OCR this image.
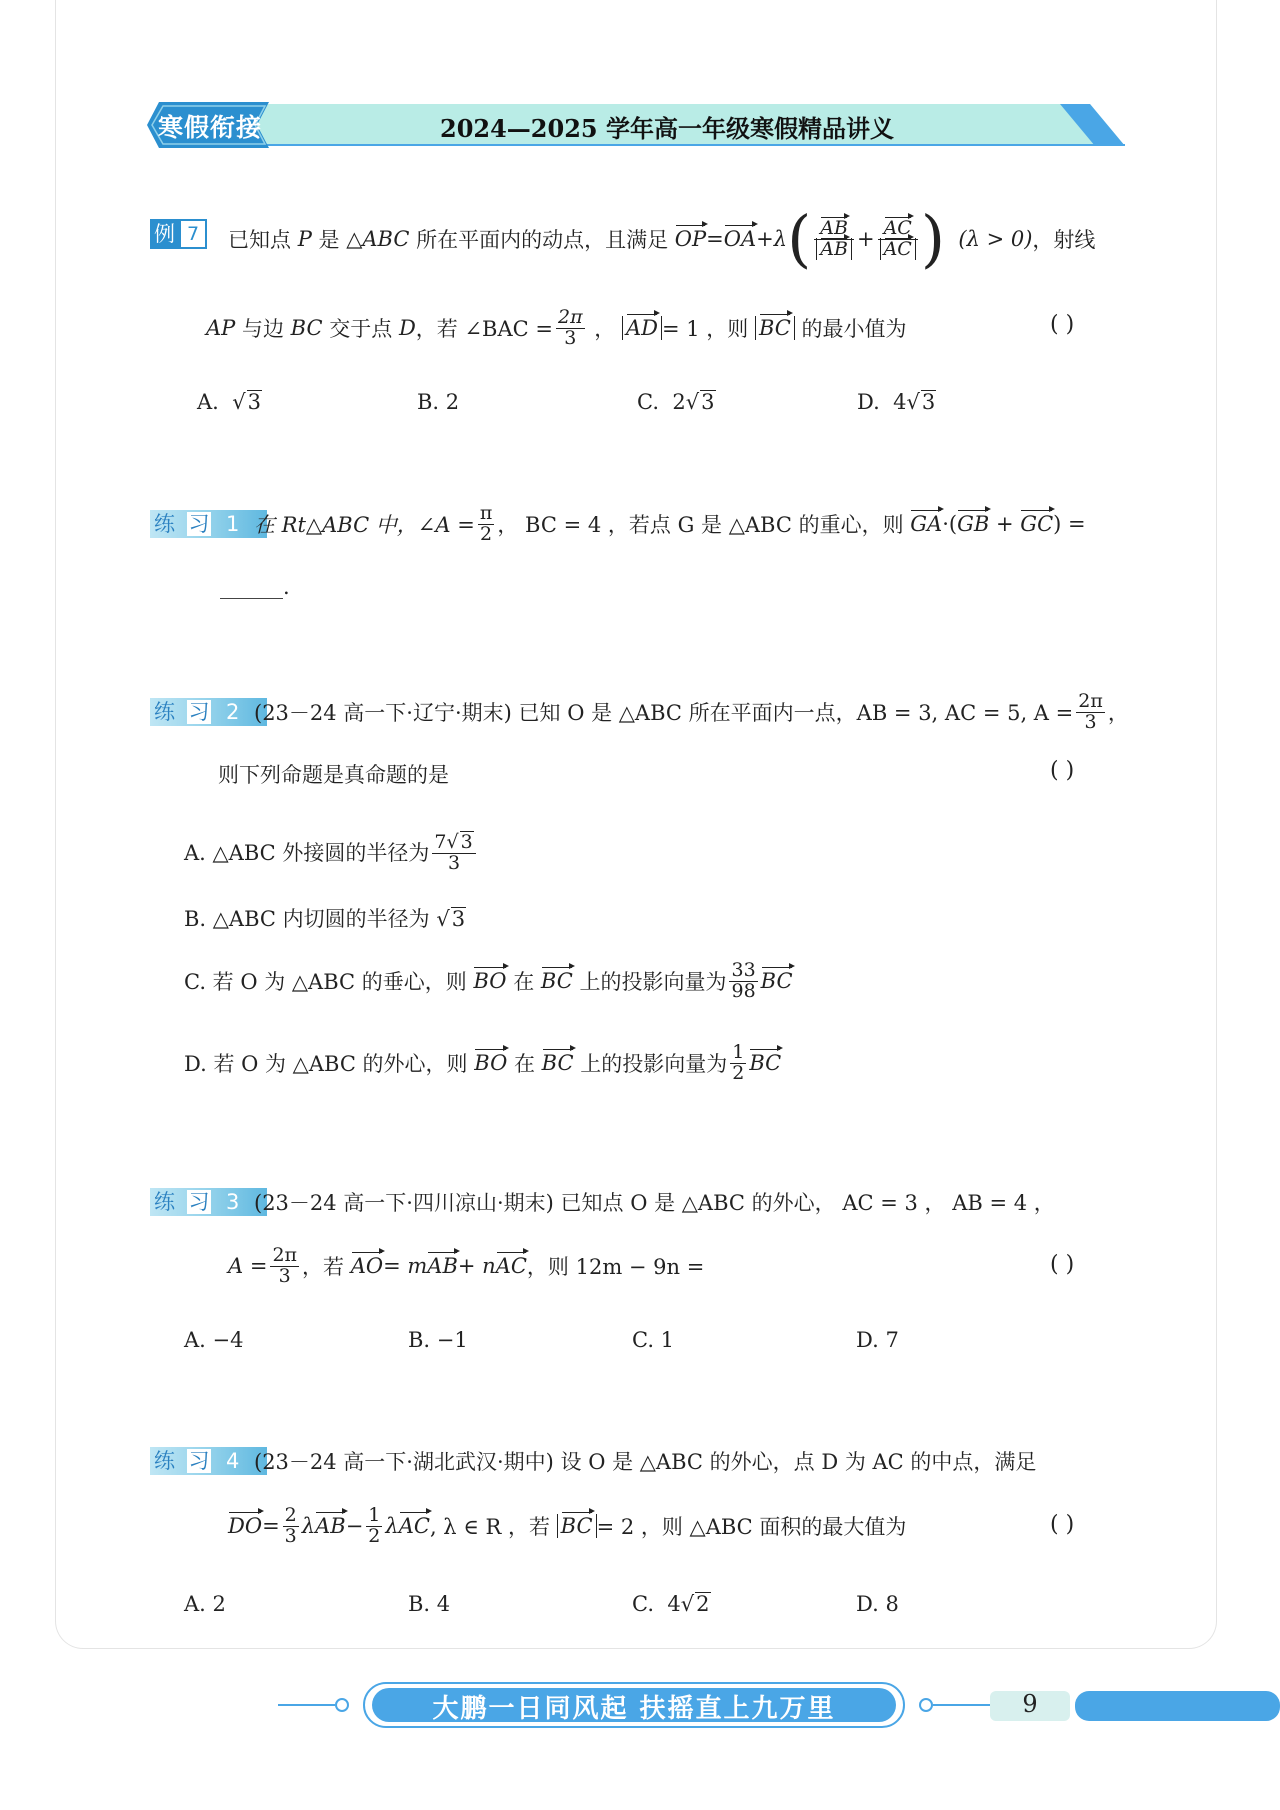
寒假衔接	2024—2025 学年高一年级寒假精品讲义
例 7	已知点
P
是
△ABC
所在平面内的动点，且满足
OP = OA +λ ( $\frac{AB}{AB} + \frac{AC}{AC}$ )
(λ > 0) ，射线
AP
与边
BC
交于点
D ，若 ∠BAC = $\frac{2\pi}{3}$ ， AD = 1 ，则
BC
的最小值为	( )
A.  √3	B. 2	C. 2√3	D. 4√3
练 习 1 在 Rt△ABC 中，∠A = $\frac{\pi}{2}$ ， BC = 4 ，若点 G 是 △ABC 的重心，则
GA ·( GB
+
GC ) =
______.
练 习 2 (23－24 高一下·辽宁·期末) 已知 O 是 △ABC 所在平面内一点，AB = 3, AC = 5, $A = \frac{2\pi}{3}$ ，
则下列命题是真命题的是	( )
A. △ABC 外接圆的半径为 $\frac{7√ 3}{3}$
B. △ABC 内切圆的半径为 √3
C. 若 O 为 △ABC 的垂心，则
BO
在
BC
上的投影向量为 $\frac{33}{98}$ BC
D. 若 O 为 △ABC 的外心，则
BO
在
BC
上的投影向量为 $\frac{1}{2}$ BC
练 习 3 (23－24 高一下·四川凉山·期末) 已知点 O 是 △ABC 的外心， AC = 3 ， AB = 4 ，
$A = \frac{2\pi}{3}$ ，若
AO = m AB + n AC ，则 12m − 9n =	( )
A. −4	B. −1	C. 1	D. 7
练 习 4 (23－24 高一下·湖北武汉·期中) 设 O 是 △ABC 的外心，点 D 为 AC 的中点，满足
DO = $\frac{2}{3}$ λ AB − $\frac{1}{2}$ λ AC , λ ∈ R ，若
BC = 2 ，则 △ABC 面积的最大值为	( )
A. 2	B. 4	C. 4√2	D. 8
大鹏一日同风起 扶摇直上九万里	9
